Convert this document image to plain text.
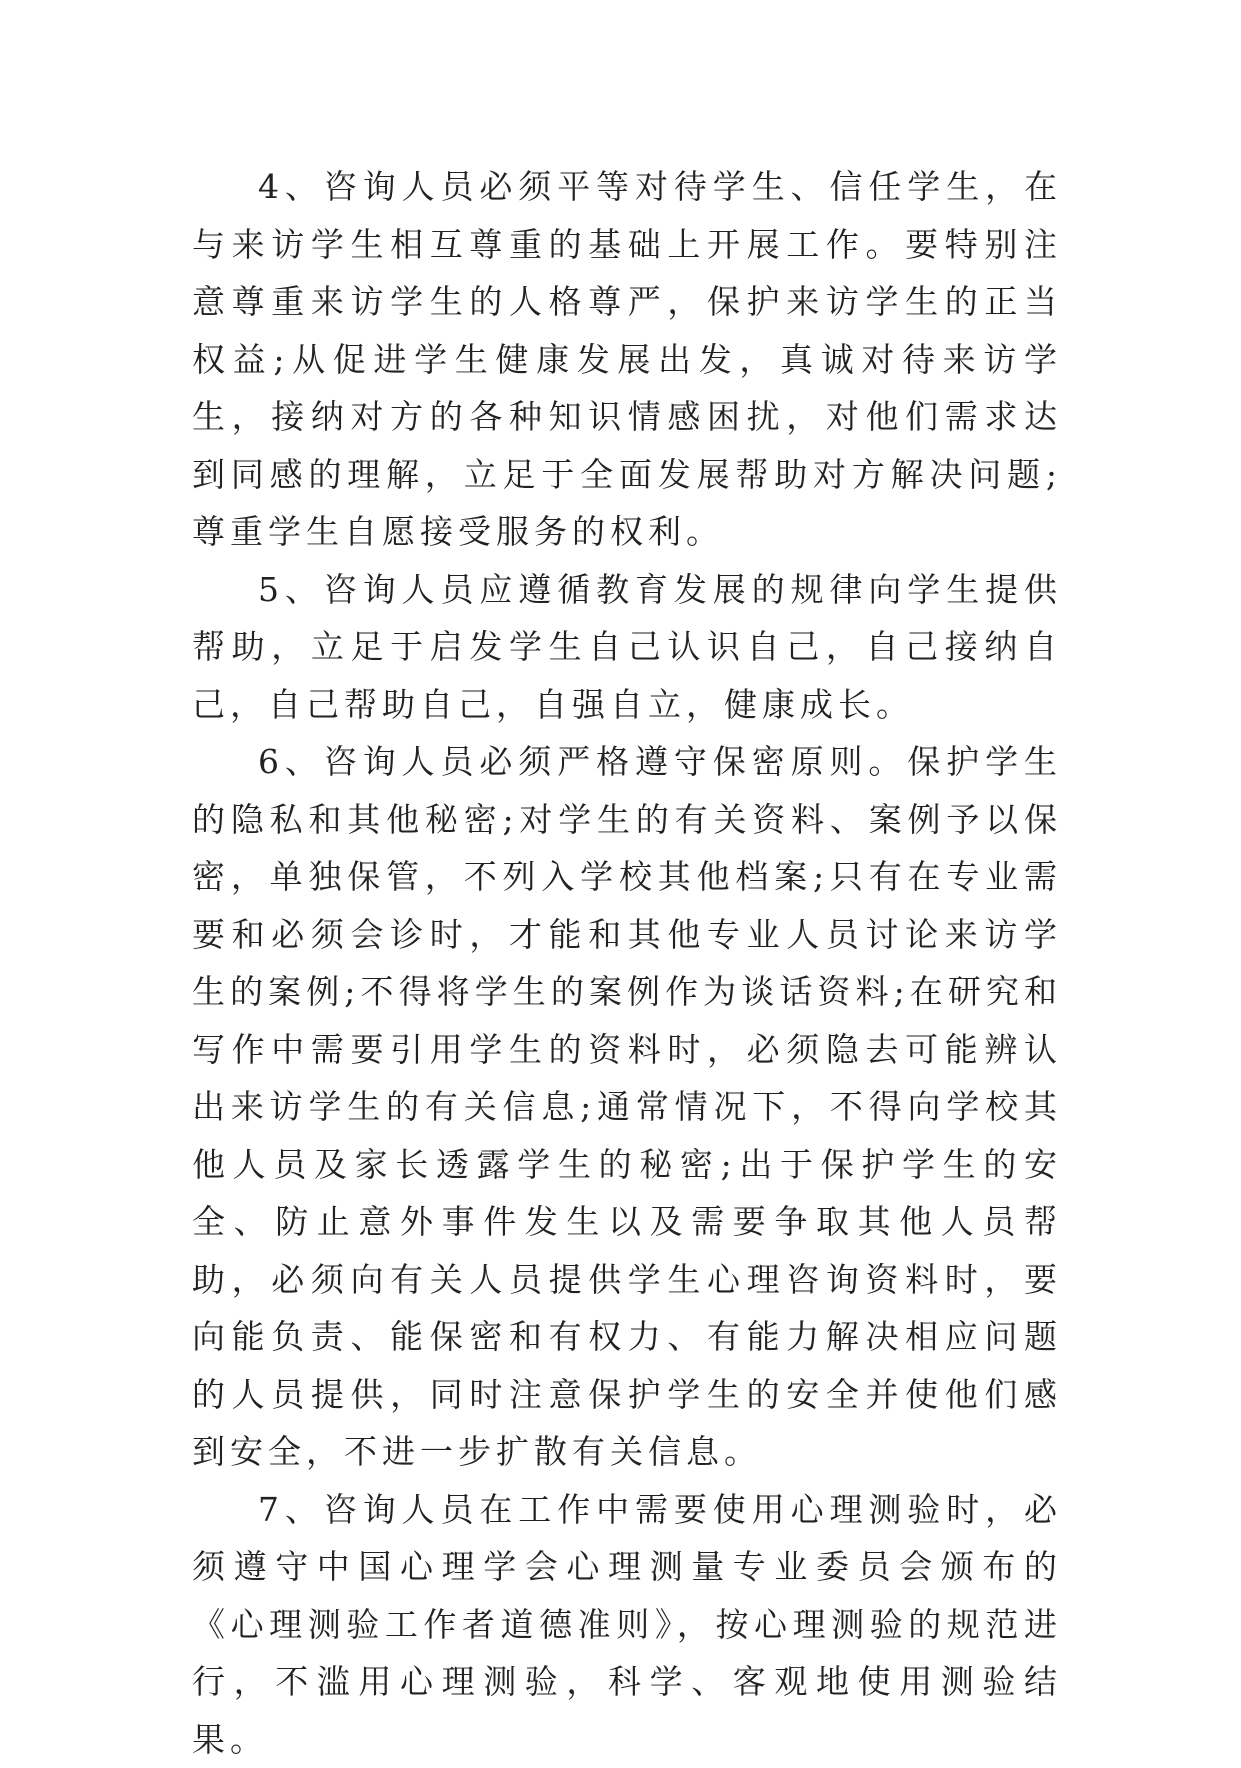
4、咨询人员必须平等对待学生、信任学生，在与来访学生相互尊重的基础上开展工作。要特别注意尊重来访学生的人格尊严，保护来访学生的正当权益;从促进学生健康发展出发，真诚对待来访学生，接纳对方的各种知识情感困扰，对他们需求达到同感的理解，立足于全面发展帮助对方解决问题;尊重学生自愿接受服务的权利。

5、咨询人员应遵循教育发展的规律向学生提供帮助，立足于启发学生自己认识自己，自己接纳自己，自己帮助自己，自强自立，健康成长。

6、咨询人员必须严格遵守保密原则。保护学生的隐私和其他秘密;对学生的有关资料、案例予以保密，单独保管，不列入学校其他档案;只有在专业需要和必须会诊时，才能和其他专业人员讨论来访学生的案例;不得将学生的案例作为谈话资料;在研究和写作中需要引用学生的资料时，必须隐去可能辨认出来访学生的有关信息;通常情况下，不得向学校其他人员及家长透露学生的秘密;出于保护学生的安全、防止意外事件发生以及需要争取其他人员帮助，必须向有关人员提供学生心理咨询资料时，要向能负责、能保密和有权力、有能力解决相应问题的人员提供，同时注意保护学生的安全并使他们感到安全，不进一步扩散有关信息。

7、咨询人员在工作中需要使用心理测验时，必须遵守中国心理学会心理测量专业委员会颁布的《心理测验工作者道德准则》，按心理测验的规范进行，不滥用心理测验，科学、客观地使用测验结果。
